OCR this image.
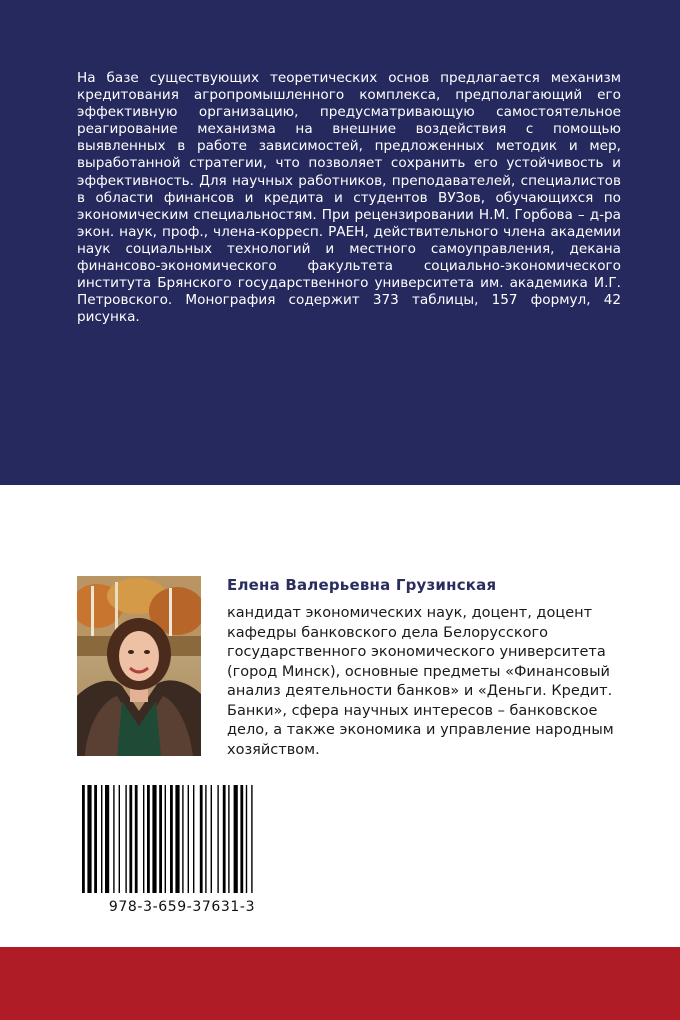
На базе существующих теоретических основ предлагается механизм кредитования агропромышленного комплекса, предполагающий его эффективную организацию, предусматривающую самостоятельное реагирование механизма на внешние воздействия с помощью выявленных в работе зависимостей, предложенных методик и мер, выработанной стратегии, что позволяет сохранить его устойчивость и эффективность. Для научных работников, преподавателей, специалистов в области финансов и кредита и студентов ВУЗов, обучающихся по экономическим специальностям. При рецензировании Н.М. Горбова – д-ра экон. наук, проф., члена-корресп. РАЕН, действительного члена академии наук социальных технологий и местного самоуправления, декана финансово-экономического факультета социально-экономического института Брянского государственного университета им. академика И.Г. Петровского. Монография содержит 373 таблицы, 157 формул, 42 рисунка.

Елена Валерьевна Грузинская

кандидат экономических наук, доцент, доцент кафедры банковского дела Белорусского государственного экономического университета (город Минск), основные предметы «Финансовый анализ деятельности банков» и «Деньги. Кредит. Банки», сфера научных интересов – банковское дело, а также экономика и управление народным хозяйством.

978-3-659-37631-3
